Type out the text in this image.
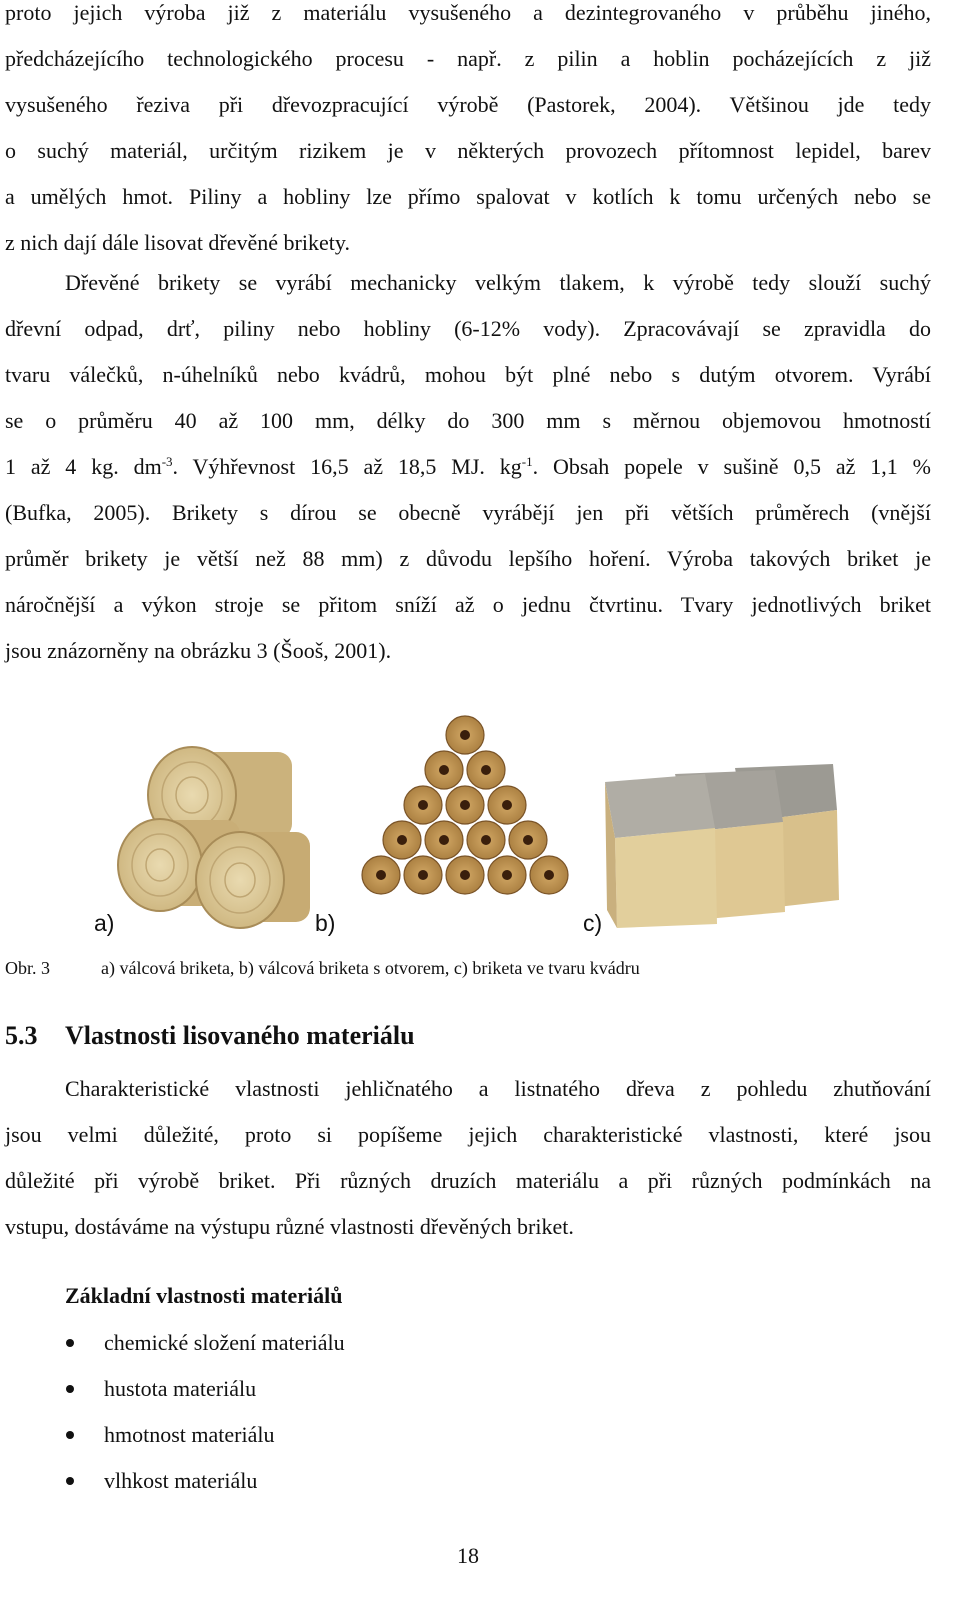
proto jejich výroba již z materiálu vysušeného a dezintegrovaného v průběhu jiného,
předcházejícího technologického procesu - např. z pilin a hoblin pocházejících z již
vysušeného řeziva při dřevozpracující výrobě (Pastorek, 2004). Většinou jde tedy
o suchý materiál, určitým rizikem je v některých provozech přítomnost lepidel, barev
a umělých hmot. Piliny a hobliny lze přímo spalovat v kotlích k tomu určených nebo se
z nich dají dále lisovat dřevěné brikety.
Dřevěné brikety se vyrábí mechanicky velkým tlakem, k výrobě tedy slouží suchý
dřevní odpad, drť, piliny nebo hobliny (6-12% vody). Zpracovávají se zpravidla do
tvaru válečků, n-úhelníků nebo kvádrů, mohou být plné nebo s dutým otvorem. Vyrábí
se o průměru 40 až 100 mm, délky do 300 mm s měrnou objemovou hmotností
1 až 4 kg. $dm^{-3}$. Výhřevnost 16,5 až 18,5 MJ. $kg^{-1}$. Obsah popele v sušině 0,5 až 1,1 %
(Bufka, 2005). Brikety s dírou se obecně vyrábějí jen při větších průměrech (vnější
průměr brikety je větší než 88 mm) z důvodu lepšího hoření. Výroba takových briket je
náročnější a výkon stroje se přitom sníží až o jednu čtvrtinu. Tvary jednotlivých briket
jsou znázorněny na obrázku 3 (Šooš, 2001).
a)	b)	c)
Obr. 3	a) válcová briketa, b) válcová briketa s otvorem, c) briketa ve tvaru kvádru
5.3 Vlastnosti lisovaného materiálu
Charakteristické vlastnosti jehličnatého a listnatého dřeva z pohledu zhutňování
jsou velmi důležité, proto si popíšeme jejich charakteristické vlastnosti, které jsou
důležité při výrobě briket. Při různých druzích materiálu a při různých podmínkách na
vstupu, dostáváme na výstupu různé vlastnosti dřevěných briket.
Základní vlastnosti materiálů
chemické složení materiálu
hustota materiálu
hmotnost materiálu
vlhkost materiálu
18
